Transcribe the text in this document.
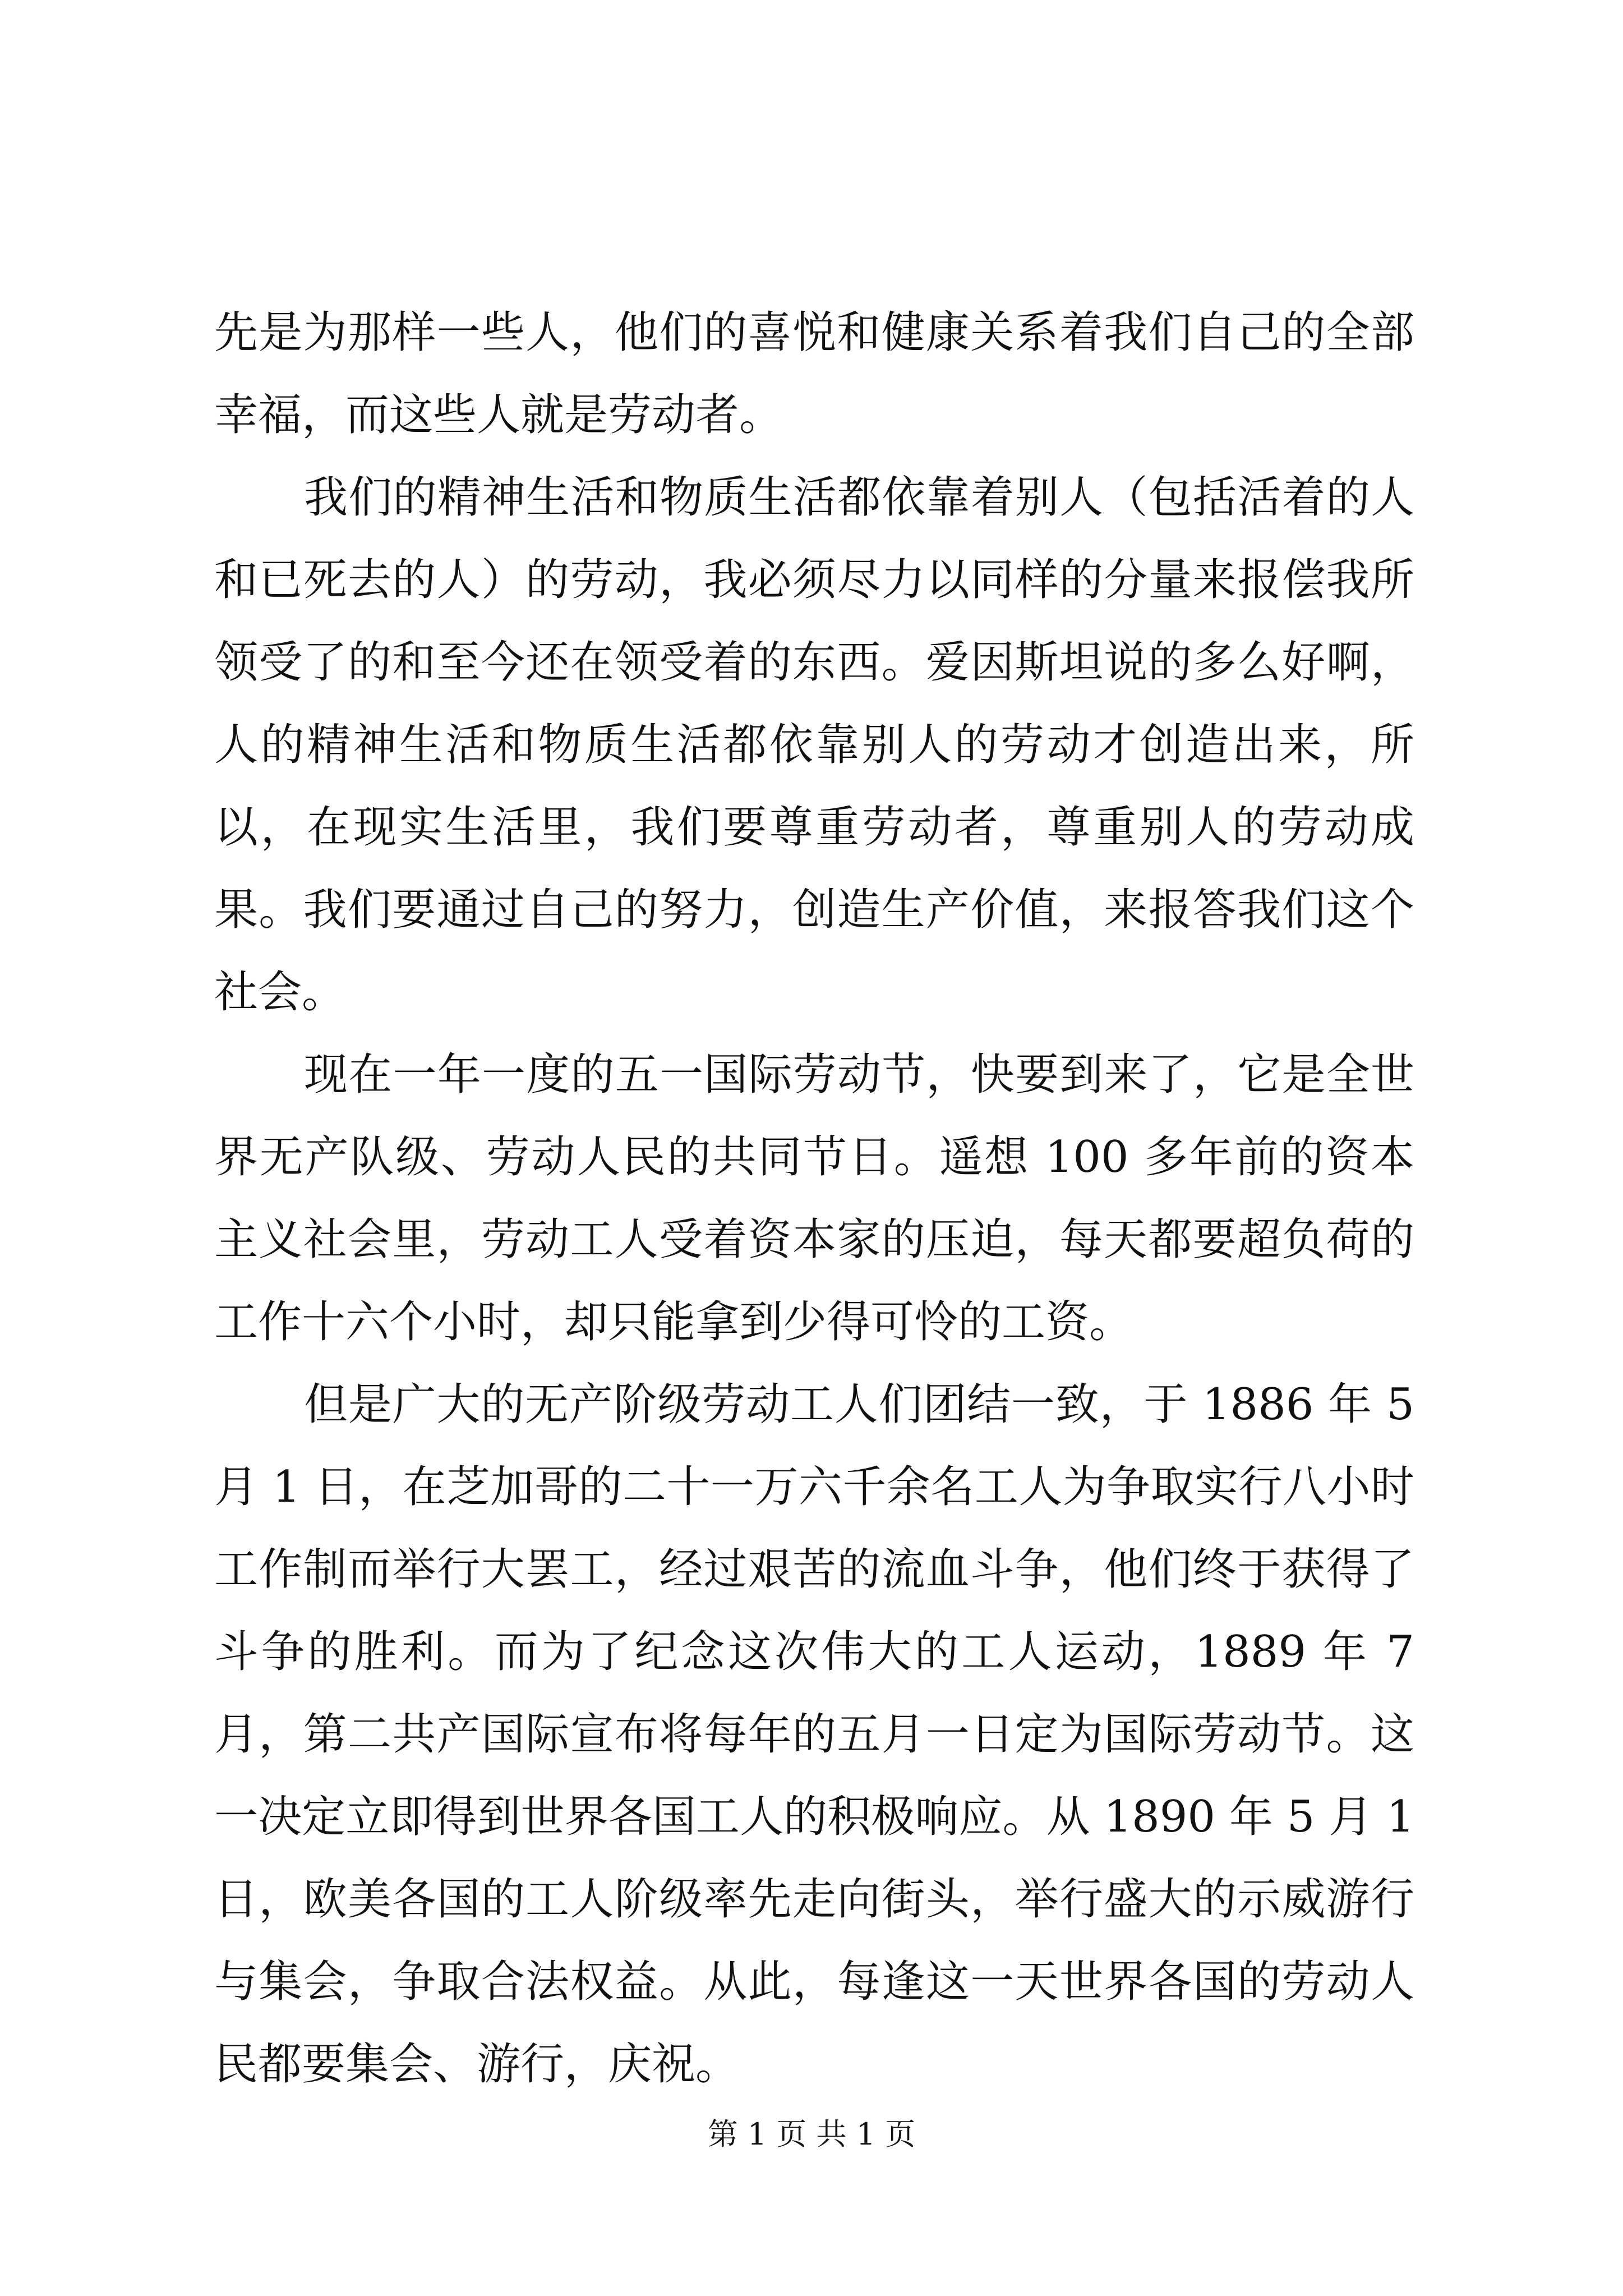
先是为那样一些人，他们的喜悦和健康关系着我们自己的全部幸福，而这些人就是劳动者。

我们的精神生活和物质生活都依靠着别人（包括活着的人和已死去的人）的劳动，我必须尽力以同样的分量来报偿我所领受了的和至今还在领受着的东西。爱因斯坦说的多么好啊，人的精神生活和物质生活都依靠别人的劳动才创造出来，所以，在现实生活里，我们要尊重劳动者，尊重别人的劳动成果。我们要通过自己的努力，创造生产价值，来报答我们这个社会。

现在一年一度的五一国际劳动节，快要到来了，它是全世界无产队级、劳动人民的共同节日。遥想 100 多年前的资本主义社会里，劳动工人受着资本家的压迫，每天都要超负荷的工作十六个小时，却只能拿到少得可怜的工资。

但是广大的无产阶级劳动工人们团结一致，于 1886 年 5 月 1 日，在芝加哥的二十一万六千余名工人为争取实行八小时工作制而举行大罢工，经过艰苦的流血斗争，他们终于获得了斗争的胜利。而为了纪念这次伟大的工人运动，1889 年 7 月，第二共产国际宣布将每年的五月一日定为国际劳动节。这一决定立即得到世界各国工人的积极响应。从 1890 年 5 月 1 日，欧美各国的工人阶级率先走向街头，举行盛大的示威游行与集会，争取合法权益。从此，每逢这一天世界各国的劳动人民都要集会、游行，庆祝。

第 1 页 共 1 页
